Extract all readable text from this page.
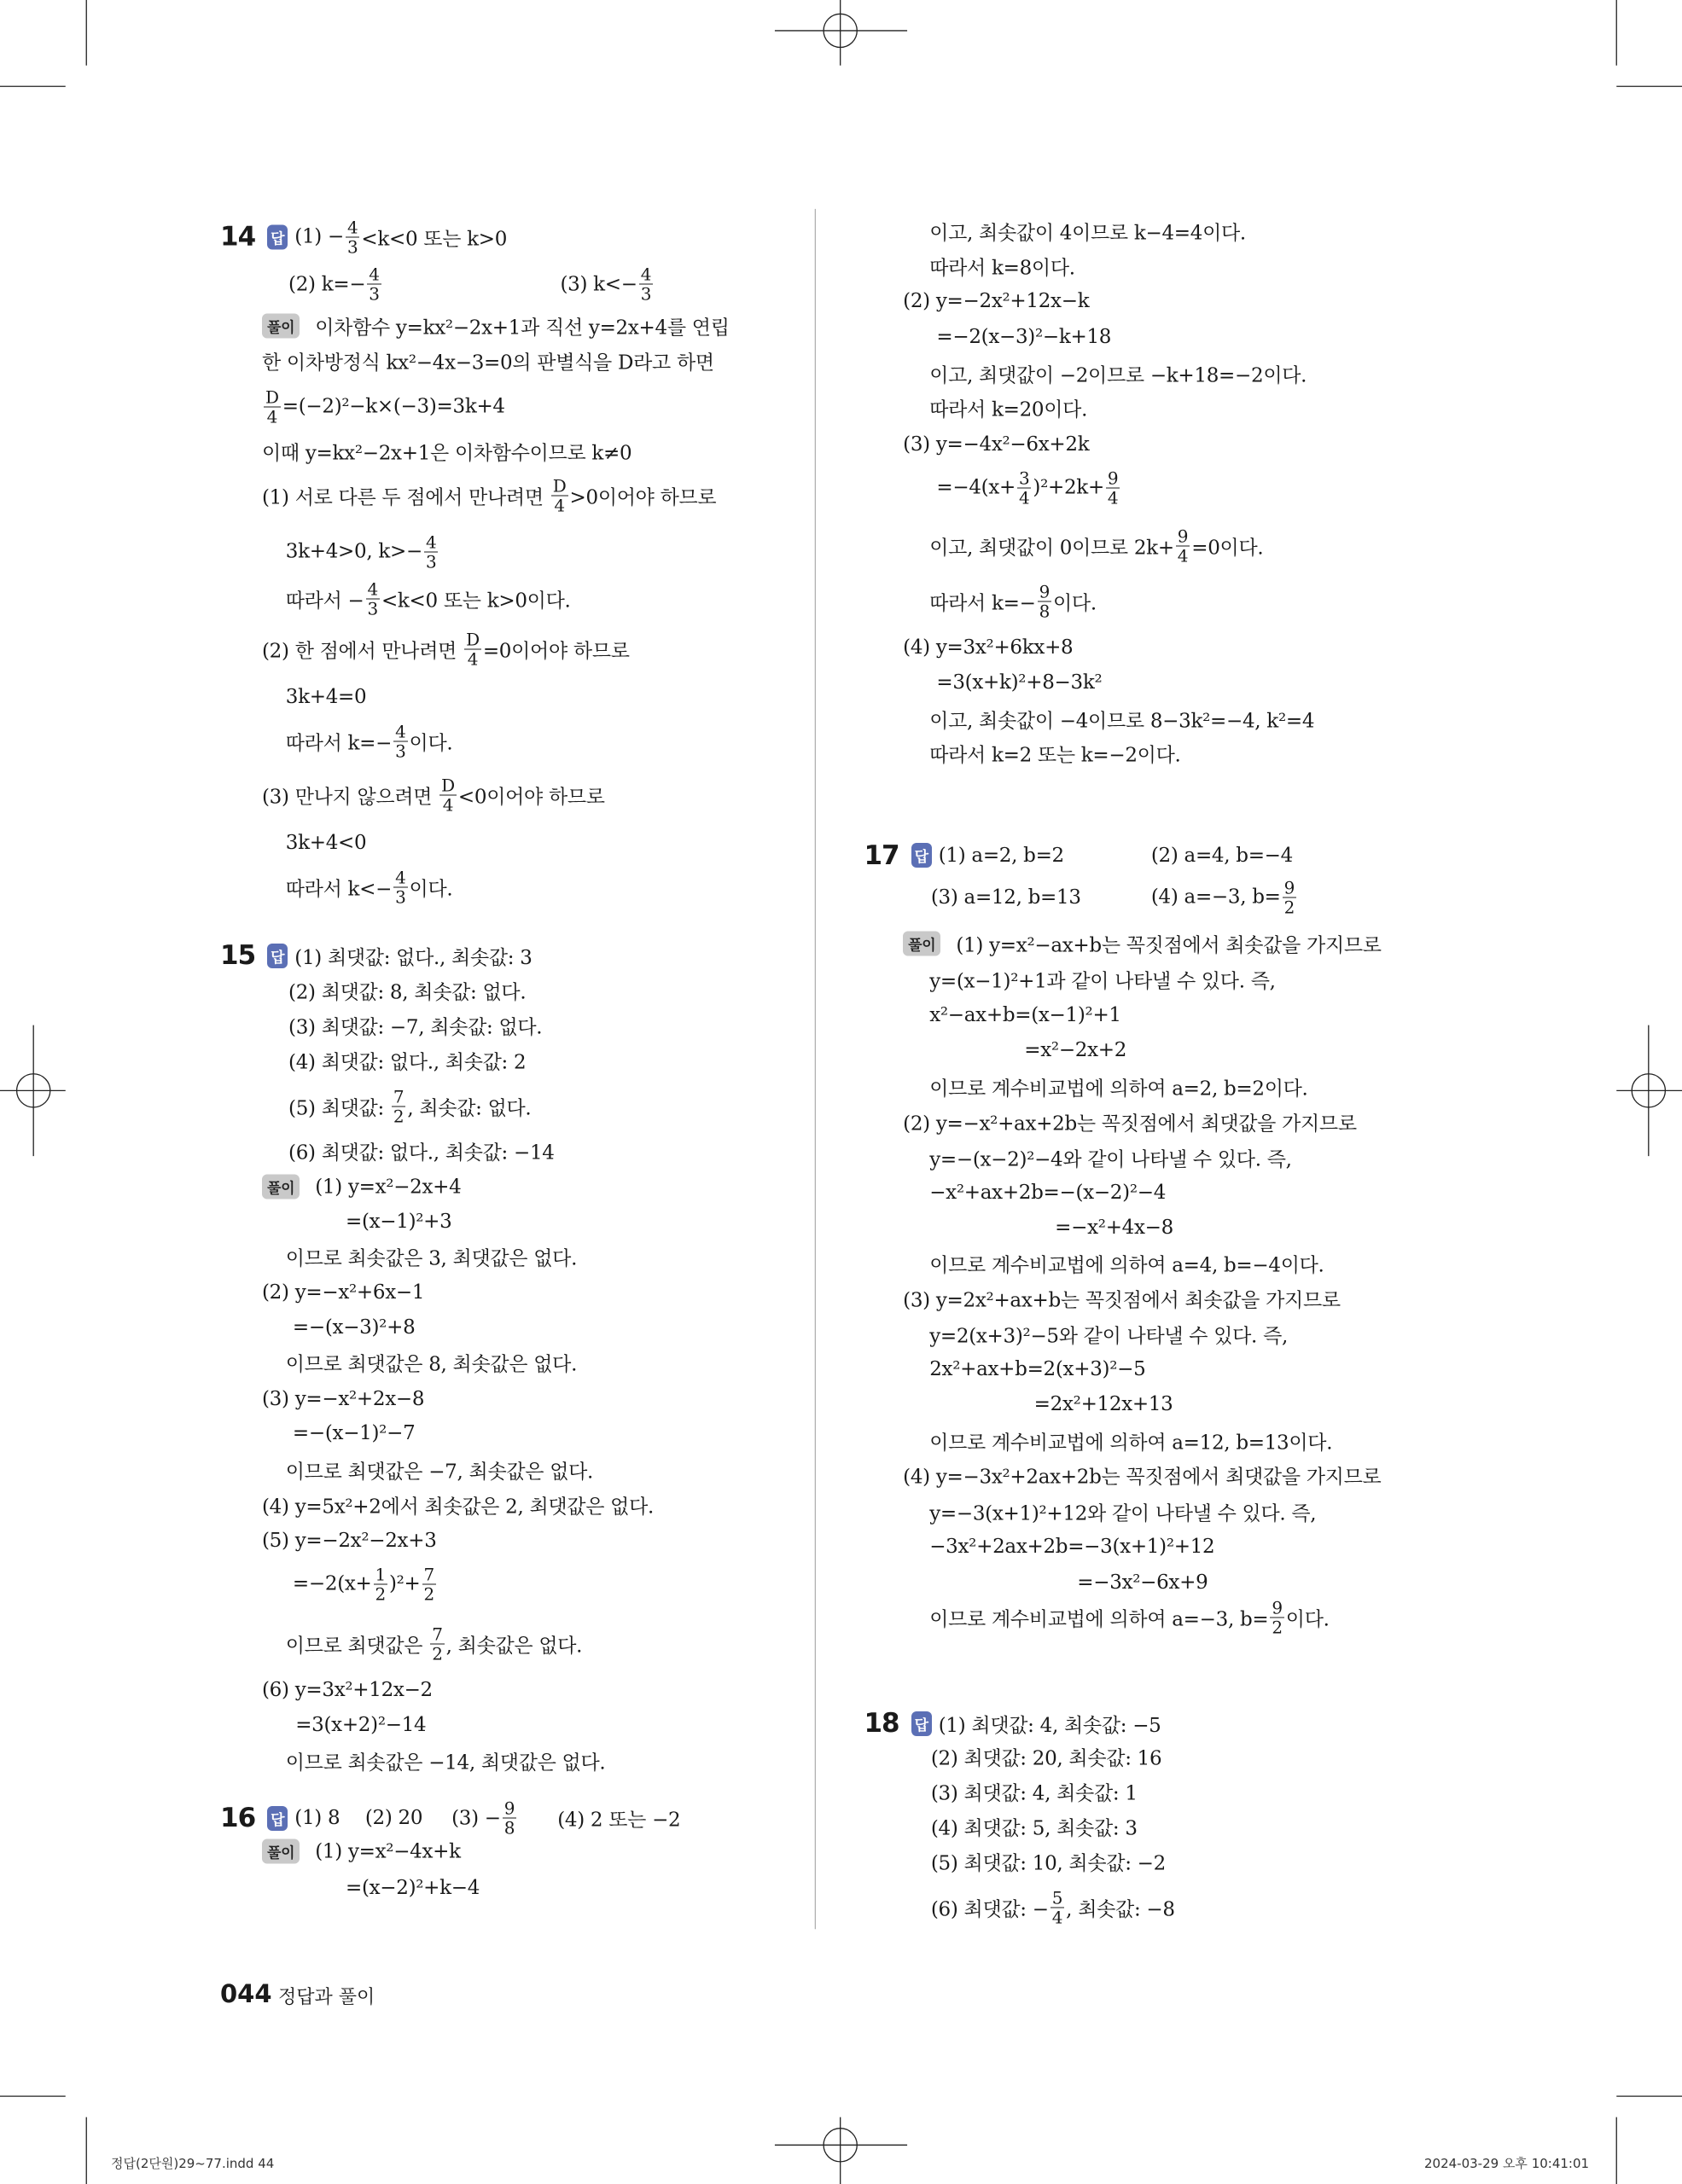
14 답 $(1) - \frac{4}{3} <k<0$ 또는 k>0
(2) $k=- \frac{4}{3}$	(3) $k<- \frac{4}{3}$
풀이 이차함수 y=kx²−2x+1과 직선 y=2x+4를 연립
한 이차방정식 kx²−4x−3=0의 판별식을 D라고 하면
$\frac{D}{4} =(-2)^2-k\times(-3)=3k+4$
이때 y=kx²−2x+1은 이차함수이므로 k≠0
(1) 서로 다른 두 점에서 만나려면 $\frac{D}{4} >0$이어야 하므로
3k+4>0, $k>- \frac{4}{3}$
따라서 − $\frac{4}{3} <k<0$ 또는 k>0이다.
(2) 한 점에서 만나려면 $\frac{D}{4} =0$이어야 하므로
3k+4=0
따라서 $k=- \frac{4}{3}$ 이다.
(3) 만나지 않으려면 $\frac{D}{4} <0$이어야 하므로
3k+4<0
따라서 $k<- \frac{4}{3}$ 이다.
15 답 (1) 최댓값: 없다., 최솟값: 3
(2) 최댓값: 8, 최솟값: 없다.
(3) 최댓값: −7, 최솟값: 없다.
(4) 최댓값: 없다., 최솟값: 2
(5) 최댓값: $\frac{7}{2}$ , 최솟값: 없다.
(6) 최댓값: 없다., 최솟값: −14
풀이 (1) y=x²−2x+4
=(x−1)²+3
이므로 최솟값은 3, 최댓값은 없다.
(2) y=−x²+6x−1
=−(x−3)²+8
이므로 최댓값은 8, 최솟값은 없다.
(3) y=−x²+2x−8
=−(x−1)²−7
이므로 최댓값은 −7, 최솟값은 없다.
(4) y=5x²+2에서 최솟값은 2, 최댓값은 없다.
(5) y=−2x²−2x+3
$=-2(x+ \frac{1}{2} )^2+ \frac{7}{2}$
이므로 최댓값은 $\frac{7}{2}$ , 최솟값은 없다.
(6) y=3x²+12x−2
=3(x+2)²−14
이므로 최솟값은 −14, 최댓값은 없다.
16 답 (1) 8 (2) 20 $(3) - \frac{9}{8} (4)$ 2 또는 −2
풀이 (1) y=x²−4x+k
=(x−2)²+k−4
이고, 최솟값이 4이므로 k−4=4이다.
따라서 k=8이다.
(2) y=−2x²+12x−k
=−2(x−3)²−k+18
이고, 최댓값이 −2이므로 −k+18=−2이다.
따라서 k=20이다.
(3) y=−4x²−6x+2k
$=-4(x+ \frac{3}{4} )^2+2k+ \frac{9}{4}$
이고, 최댓값이 0이므로 $2k+ \frac{9}{4} =0$이다.
따라서 $k=- \frac{9}{8}$ 이다.
(4) y=3x²+6kx+8
=3(x+k)²+8−3k²
이고, 최솟값이 −4이므로 8−3k²=−4, k²=4
따라서 k=2 또는 k=−2이다.
17 답 (1) a=2, b=2	(2) a=4, b=−4
(3) a=12, b=13	(4) a=−3, $b= \frac{9}{2}$
풀이 (1) y=x²−ax+b는 꼭짓점에서 최솟값을 가지므로
y=(x−1)²+1과 같이 나타낼 수 있다. 즉,
x²−ax+b=(x−1)²+1
=x²−2x+2
이므로 계수비교법에 의하여 a=2, b=2이다.
(2) y=−x²+ax+2b는 꼭짓점에서 최댓값을 가지므로
y=−(x−2)²−4와 같이 나타낼 수 있다. 즉,
−x²+ax+2b=−(x−2)²−4
=−x²+4x−8
이므로 계수비교법에 의하여 a=4, b=−4이다.
(3) y=2x²+ax+b는 꼭짓점에서 최솟값을 가지므로
y=2(x+3)²−5와 같이 나타낼 수 있다. 즉,
2x²+ax+b=2(x+3)²−5
=2x²+12x+13
이므로 계수비교법에 의하여 a=12, b=13이다.
(4) y=−3x²+2ax+2b는 꼭짓점에서 최댓값을 가지므로
y=−3(x+1)²+12와 같이 나타낼 수 있다. 즉,
−3x²+2ax+2b=−3(x+1)²+12
=−3x²−6x+9
이므로 계수비교법에 의하여 a=−3, $b= \frac{9}{2}$ 이다.
18 답 (1) 최댓값: 4, 최솟값: −5
(2) 최댓값: 20, 최솟값: 16
(3) 최댓값: 4, 최솟값: 1
(4) 최댓값: 5, 최솟값: 3
(5) 최댓값: 10, 최솟값: −2
(6) 최댓값: − $\frac{5}{4}$ , 최솟값: −8
044 정답과 풀이
정답(2단원)29~77.indd 44	2024-03-29 오후 10:41:01
